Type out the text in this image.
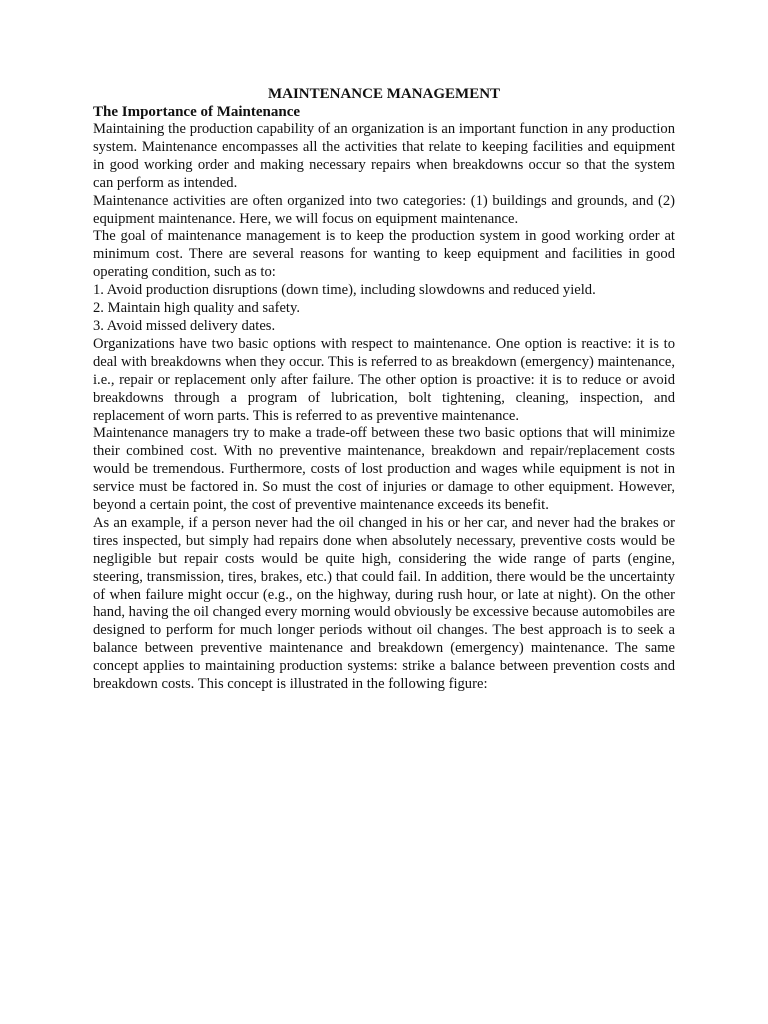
MAINTENANCE MANAGEMENT
The Importance of Maintenance

Maintaining the production capability of an organization is an important function in any production system. Maintenance encompasses all the activities that relate to keeping facilities and equipment in good working order and making necessary repairs when breakdowns occur so that the system can perform as intended.

Maintenance activities are often organized into two categories: (1) buildings and grounds, and (2) equipment maintenance. Here, we will focus on equipment maintenance.

The goal of maintenance management is to keep the production system in good working order at minimum cost. There are several reasons for wanting to keep equipment and facilities in good operating condition, such as to:

1. Avoid production disruptions (down time), including slowdowns and reduced yield.

2. Maintain high quality and safety.

3. Avoid missed delivery dates.

Organizations have two basic options with respect to maintenance. One option is reactive: it is to deal with breakdowns when they occur. This is referred to as breakdown (emergency) maintenance, i.e., repair or replacement only after failure. The other option is proactive: it is to reduce or avoid breakdowns through a program of lubrication, bolt tightening, cleaning, inspection, and replacement of worn parts. This is referred to as preventive maintenance.

Maintenance managers try to make a trade-off between these two basic options that will minimize their combined cost. With no preventive maintenance, breakdown and repair/replacement costs would be tremendous. Furthermore, costs of lost production and wages while equipment is not in service must be factored in. So must the cost of injuries or damage to other equipment. However, beyond a certain point, the cost of preventive maintenance exceeds its benefit.

As an example, if a person never had the oil changed in his or her car, and never had the brakes or tires inspected, but simply had repairs done when absolutely necessary, preventive costs would be negligible but repair costs would be quite high, considering the wide range of parts (engine, steering, transmission, tires, brakes, etc.) that could fail. In addition, there would be the uncertainty of when failure might occur (e.g., on the highway, during rush hour, or late at night). On the other hand, having the oil changed every morning would obviously be excessive because automobiles are designed to perform for much longer periods without oil changes. The best approach is to seek a balance between preventive maintenance and breakdown (emergency) maintenance. The same concept applies to maintaining production systems: strike a balance between prevention costs and breakdown costs. This concept is illustrated in the following figure:
